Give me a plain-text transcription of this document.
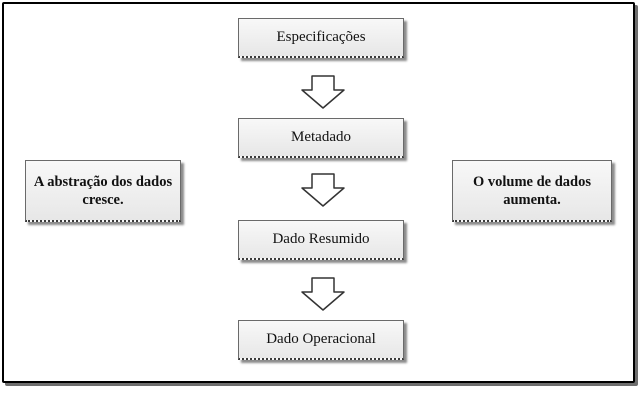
Especificações
Metadado
Dado Resumido
Dado Operacional
A abstração dos dados cresce.
O volume de dados aumenta.
